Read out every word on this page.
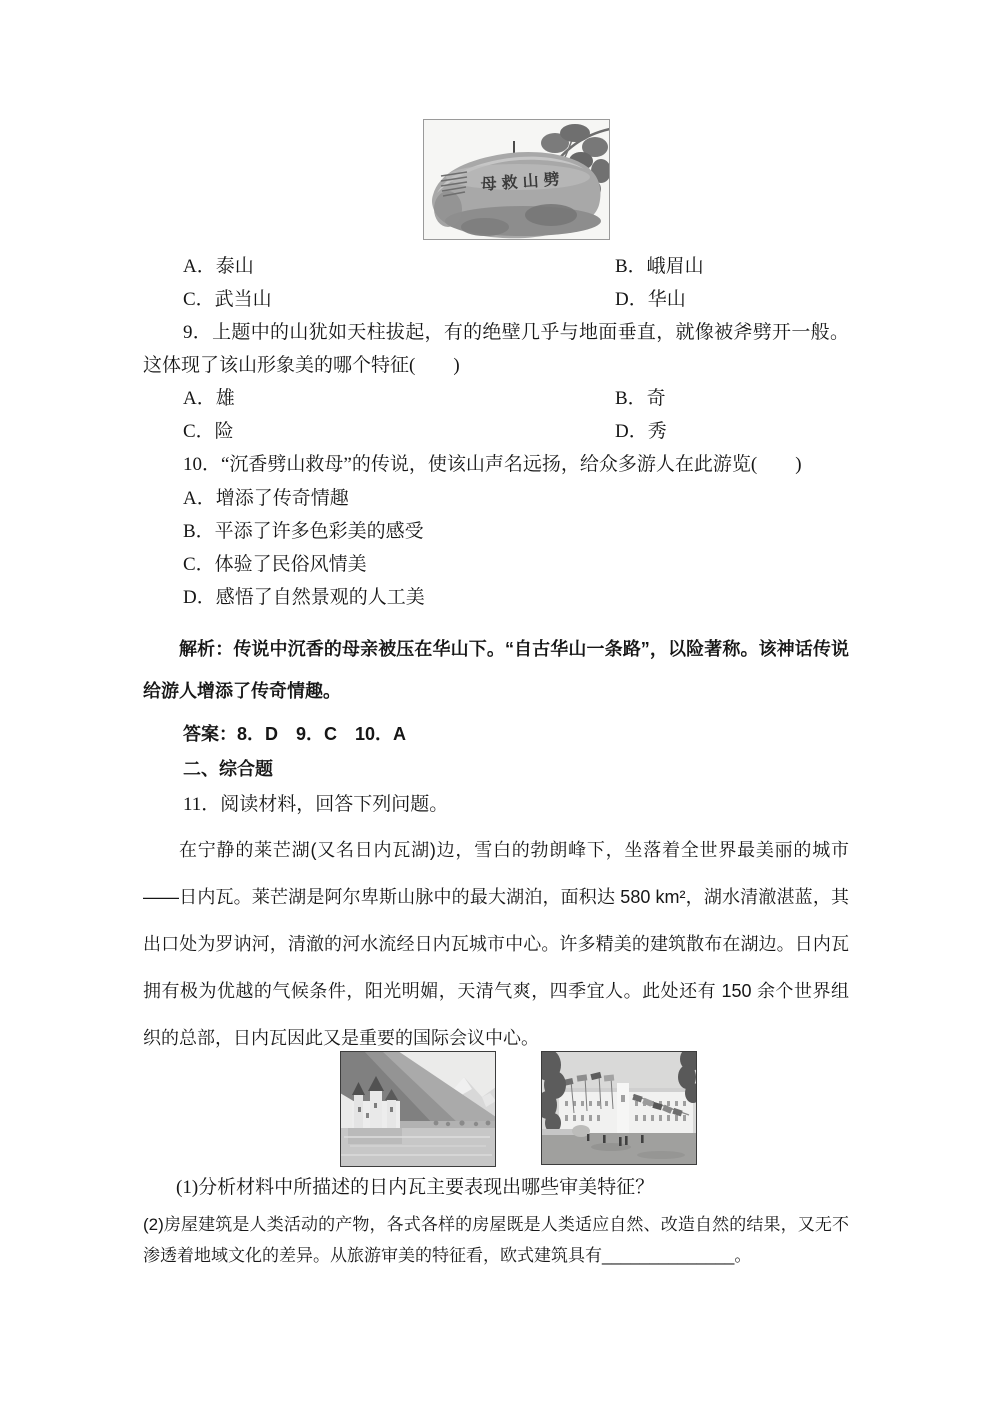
母救山劈
A．泰山	B．峨眉山
C．武当山	D．华山

9．上题中的山犹如天柱拔起，有的绝壁几乎与地面垂直，就像被斧劈开一般。这体现了该山形象美的哪个特征(　　)

A．雄	B．奇
C．险	D．秀

10．“沉香劈山救母”的传说，使该山声名远扬，给众多游人在此游览(　　)

A．增添了传奇情趣
B．平添了许多色彩美的感受
C．体验了民俗风情美
D．感悟了自然景观的人工美

解析：传说中沉香的母亲被压在华山下。“自古华山一条路”，以险著称。该神话传说给游人增添了传奇情趣。

答案：8．D　9．C　10．A
二、综合题
11．阅读材料，回答下列问题。

在宁静的莱芒湖(又名日内瓦湖)边，雪白的勃朗峰下，坐落着全世界最美丽的城市——日内瓦。莱芒湖是阿尔卑斯山脉中的最大湖泊，面积达 580 km²，湖水清澈湛蓝，其出口处为罗讷河，清澈的河水流经日内瓦城市中心。许多精美的建筑散布在湖边。日内瓦拥有极为优越的气候条件，阳光明媚，天清气爽，四季宜人。此处还有 150 余个世界组织的总部，日内瓦因此又是重要的国际会议中心。

(1)分析材料中所描述的日内瓦主要表现出哪些审美特征？

(2)房屋建筑是人类活动的产物，各式各样的房屋既是人类适应自然、改造自然的结果，又无不渗透着地域文化的差异。从旅游审美的特征看，欧式建筑具有______________。
